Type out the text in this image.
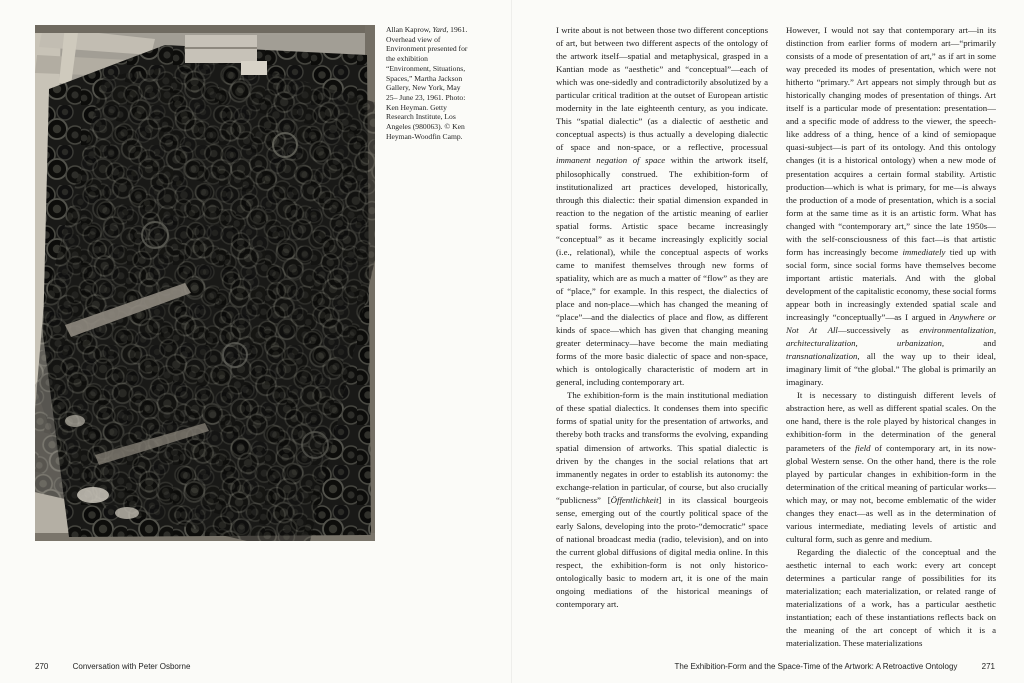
Allan Kaprow, Yard, 1961. Overhead view of Environment presented for the exhibition “Environment, Situations, Spaces,” Martha Jackson Gallery, New York, May 25– June 23, 1961. Photo: Ken Heyman. Getty Research Institute, Los Angeles (980063). © Ken Heyman-Woodfin Camp.

I write about is not between those two different conceptions of art, but between two different aspects of the ontology of the artwork itself—spatial and metaphysical, grasped in a Kantian mode as “aesthetic” and “conceptual”—each of which was one-sidedly and contradictorily absolutized by a particular critical tradition at the outset of European artistic modernity in the late eighteenth century, as you indicate. This “spatial dialectic” (as a dialectic of aesthetic and conceptual aspects) is thus actually a developing dialectic of space and non-space, or a reflective, processual immanent negation of space within the artwork itself, philosophically construed. The exhibition-form of institutionalized art practices developed, historically, through this dialectic: their spatial dimension expanded in reaction to the negation of the artistic meaning of earlier spatial forms. Artistic space became increasingly “conceptual” as it became increasingly explicitly social (i.e., relational), while the conceptual aspects of works came to manifest themselves through new forms of spatiality, which are as much a matter of “flow” as they are of “place,” for example. In this respect, the dialectics of place and non-place—which has changed the meaning of “place”—and the dialectics of place and flow, as different kinds of space—which has given that changing meaning greater determinacy—have become the main mediating forms of the more basic dialectic of space and non-space, which is ontologically characteristic of modern art in general, including contemporary art.

The exhibition-form is the main institutional mediation of these spatial dialectics. It condenses them into specific forms of spatial unity for the presentation of artworks, and thereby both tracks and transforms the evolving, expanding spatial dimension of artworks. This spatial dialectic is driven by the changes in the social relations that art immanently negates in order to establish its autonomy: the exchange-relation in particular, of course, but also crucially “publicness” [Öffentlichkeit] in its classical bourgeois sense, emerging out of the courtly political space of the early Salons, developing into the proto-“democratic” space of national broadcast media (radio, television), and on into the current global diffusions of digital media online. In this respect, the exhibition-form is not only historico-ontologically basic to modern art, it is one of the main ongoing mediations of the historical meanings of contemporary art.

However, I would not say that contemporary art—in its distinction from earlier forms of modern art—“primarily consists of a mode of presentation of art,” as if art in some way preceded its modes of presentation, which were not hitherto “primary.” Art appears not simply through but as historically changing modes of presentation of things. Art itself is a particular mode of presentation: presentation—and a specific mode of address to the viewer, the speech-like address of a thing, hence of a kind of semiopaque quasi-subject—is part of its ontology. And this ontology changes (it is a historical ontology) when a new mode of presentation acquires a certain formal stability. Artistic production—which is what is primary, for me—is always the production of a mode of presentation, which is a social form at the same time as it is an artistic form. What has changed with “contemporary art,” since the late 1950s—with the self-consciousness of this fact—is that artistic form has increasingly become immediately tied up with social form, since social forms have themselves become important artistic materials. And with the global development of the capitalistic economy, these social forms appear both in increasingly extended spatial scale and increasingly “conceptually”—as I argued in Anywhere or Not At All—successively as environmentalization, architecturalization, urbanization, and transnationalization, all the way up to their ideal, imaginary limit of “the global.” The global is primarily an imaginary.

It is necessary to distinguish different levels of abstraction here, as well as different spatial scales. On the one hand, there is the role played by historical changes in exhibition-form in the determination of the general parameters of the field of contemporary art, in its now-global Western sense. On the other hand, there is the role played by particular changes in exhibition-form in the determination of the critical meaning of particular works—which may, or may not, become emblematic of the wider changes they enact—as well as in the determination of various intermediate, mediating levels of artistic and cultural form, such as genre and medium.

Regarding the dialectic of the conceptual and the aesthetic internal to each work: every art concept determines a particular range of possibilities for its materialization; each materialization, or related range of materializations of a work, has a particular aesthetic instantiation; each of these instantiations reflects back on the meaning of the art concept of which it is a materialization. These materializations

270	Conversation with Peter Osborne	The Exhibition-Form and the Space-Time of the Artwork: A Retroactive Ontology	271
